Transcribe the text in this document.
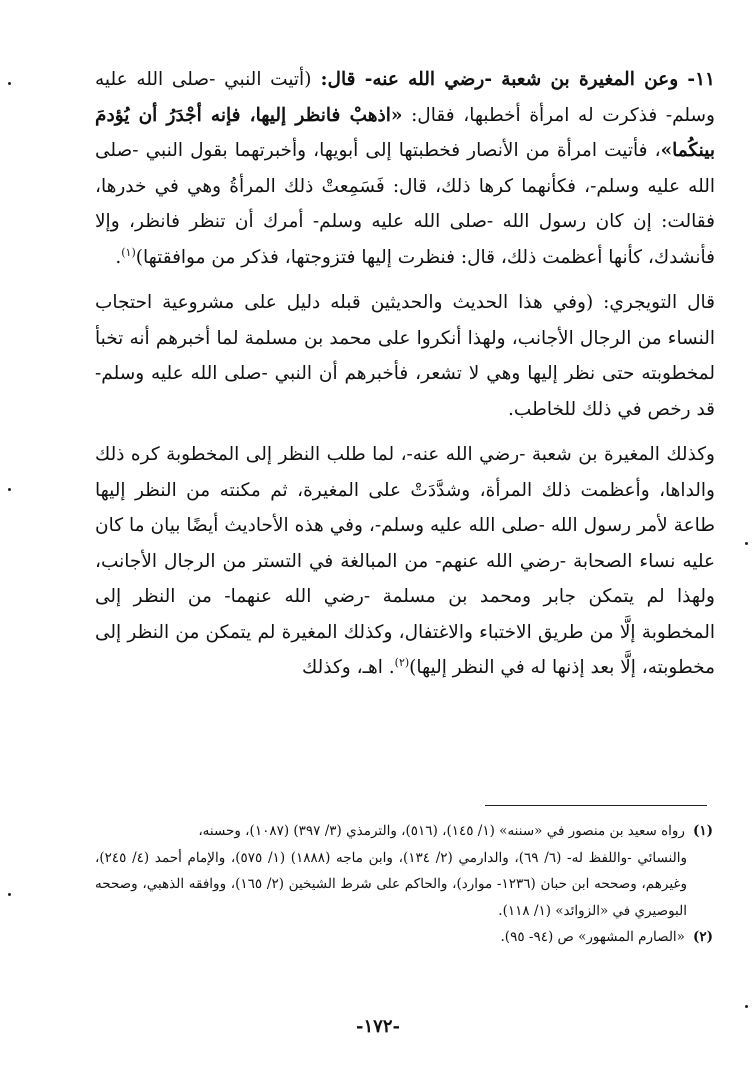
١١- وعن المغيرة بن شعبة -رضي الله عنه- قال: (أتيت النبي -صلى الله عليه وسلم- فذكرت له امرأة أخطبها، فقال: «اذهبْ فانظر إليها، فإنه أجْدَرُ أن يُؤدمَ بينكُما»، فأتيت امرأة من الأنصار فخطبتها إلى أبويها، وأخبرتهما بقول النبي -صلى الله عليه وسلم-، فكأنهما كرها ذلك، قال: فَسَمِعتْ ذلك المرأةُ وهي في خدرها، فقالت: إن كان رسول الله -صلى الله عليه وسلم- أمرك أن تنظر فانظر، وإلا فأنشدك، كأنها أعظمت ذلك، قال: فنظرت إليها فتزوجتها، فذكر من موافقتها)$^{(١)}$.

قال التويجري: (وفي هذا الحديث والحديثين قبله دليل على مشروعية احتجاب النساء من الرجال الأجانب، ولهذا أنكروا على محمد بن مسلمة لما أخبرهم أنه تخبأ لمخطوبته حتى نظر إليها وهي لا تشعر، فأخبرهم أن النبي -صلى الله عليه وسلم- قد رخص في ذلك للخاطب.

وكذلك المغيرة بن شعبة -رضي الله عنه-، لما طلب النظر إلى المخطوبة كره ذلك والداها، وأعظمت ذلك المرأة، وشدَّدَتْ على المغيرة، ثم مكنته من النظر إليها طاعة لأمر رسول الله -صلى الله عليه وسلم-، وفي هذه الأحاديث أيضًا بيان ما كان عليه نساء الصحابة -رضي الله عنهم- من المبالغة في التستر من الرجال الأجانب، ولهذا لم يتمكن جابر ومحمد بن مسلمة -رضي الله عنهما- من النظر إلى المخطوبة إلَّا من طريق الاختباء والاغتفال، وكذلك المغيرة لم يتمكن من النظر إلى مخطوبته، إلَّا بعد إذنها له في النظر إليها)$^{(٢)}$. اهـ، وكذلك

(١)رواه سعيد بن منصور في «سننه» (١/ ١٤٥)، (٥١٦)، والترمذي (٣/ ٣٩٧) (١٠٨٧)، وحسنه،
والنسائي -واللفظ له- (٦/ ٦٩)، والدارمي (٢/ ١٣٤)، وابن ماجه (١٨٨٨) (١/ ٥٧٥)، والإمام أحمد (٤/ ٢٤٥)، وغيرهم، وصححه ابن حبان (١٢٣٦- موارد)، والحاكم على شرط الشيخين (٢/ ١٦٥)، ووافقه الذهبي، وصححه البوصيري في «الزوائد» (١/ ١١٨).

(٢)«الصارم المشهور» ص (٩٤- ٩٥).

-١٧٢-
